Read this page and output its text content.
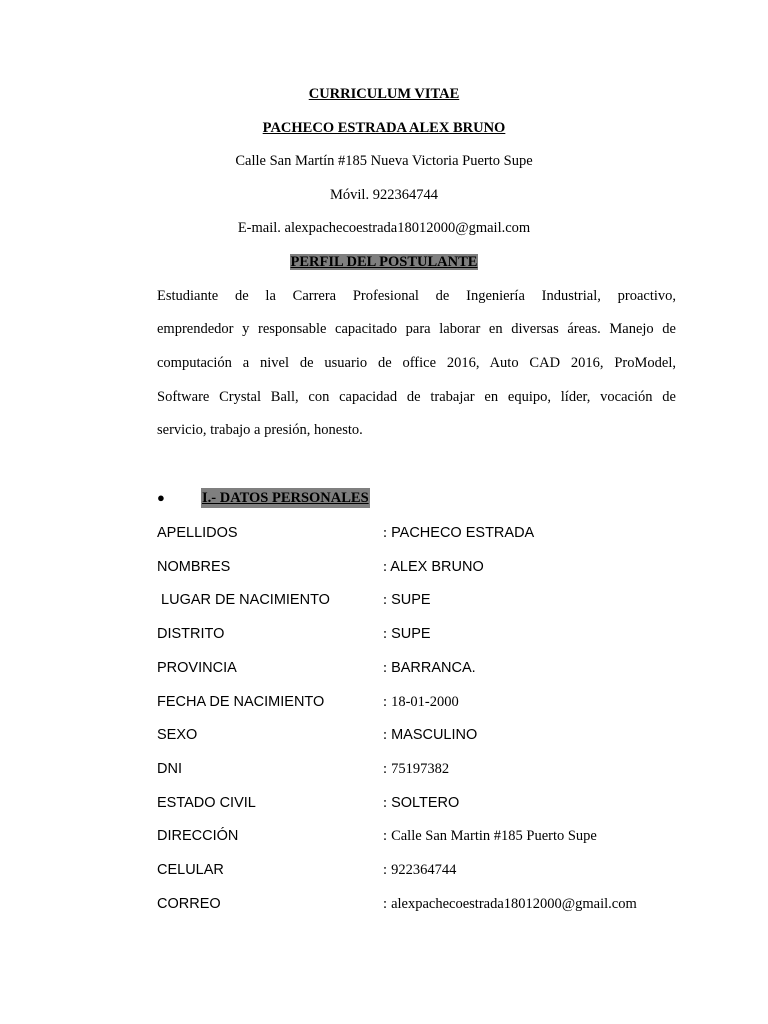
CURRICULUM VITAE
PACHECO ESTRADA ALEX BRUNO
Calle San Martín #185 Nueva Victoria Puerto Supe
Móvil. 922364744
E-mail. alexpachecoestrada18012000@gmail.com
PERFIL DEL POSTULANTE
Estudiante de la Carrera Profesional de Ingeniería Industrial, proactivo,
emprendedor y responsable capacitado para laborar en diversas áreas. Manejo de
computación a nivel de usuario de office 2016, Auto CAD 2016, ProModel,
Software Crystal Ball, con capacidad de trabajar en equipo, líder, vocación de
servicio, trabajo a presión, honesto.
●	I.- DATOS PERSONALES
APELLIDOS	: PACHECO ESTRADA
NOMBRES	: ALEX BRUNO
LUGAR DE NACIMIENTO	: SUPE
DISTRITO	: SUPE
PROVINCIA	: BARRANCA.
FECHA DE NACIMIENTO	: 18-01-2000
SEXO	: MASCULINO
DNI	: 75197382
ESTADO CIVIL	: SOLTERO
DIRECCIÓN	: Calle San Martin #185 Puerto Supe
CELULAR	: 922364744
CORREO	: alexpachecoestrada18012000@gmail.com
